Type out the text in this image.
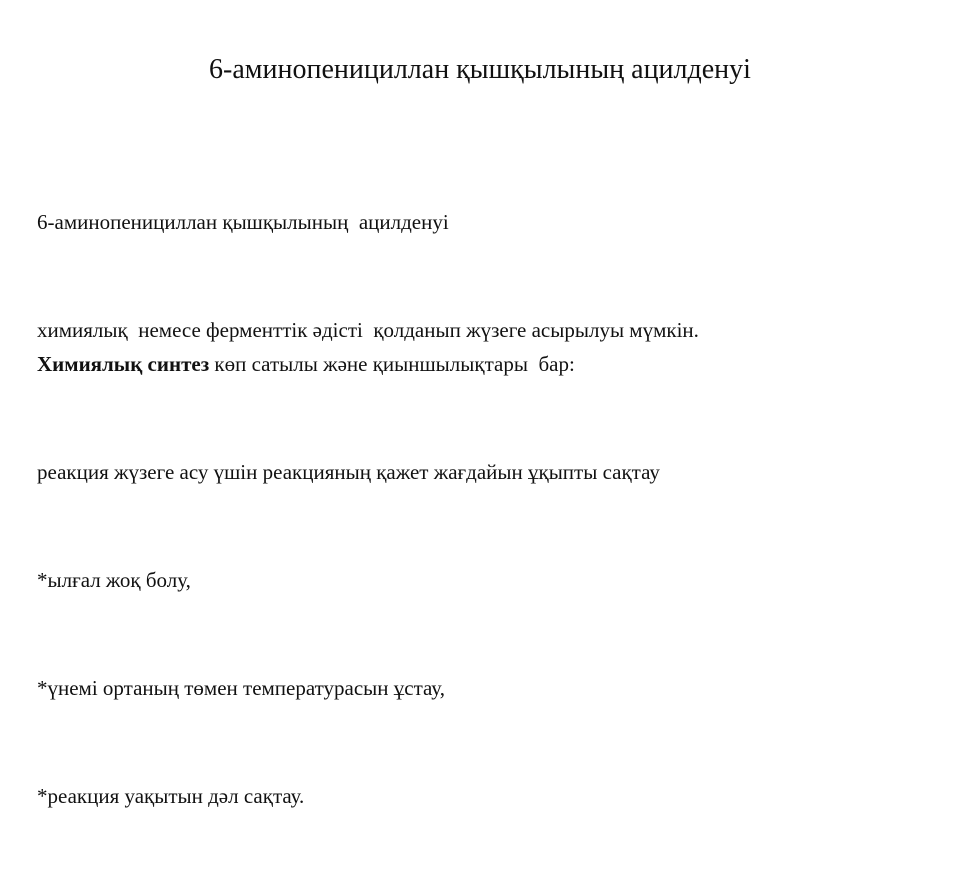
6-аминопенициллан қышқылының ацилденуі

6-аминопенициллан қышқылының  ацилденуі

химиялық  немесе ферменттік әдісті  қолданып жүзеге асырылуы мүмкін.

Химиялық синтез көп сатылы және қиыншылықтары  бар:

реакция жүзеге асу үшін реакцияның қажет жағдайын ұқыпты сақтау

*ылғал жоқ болу,

*үнемі ортаның төмен температурасын ұстау,

*реакция уақытын дәл сақтау.
